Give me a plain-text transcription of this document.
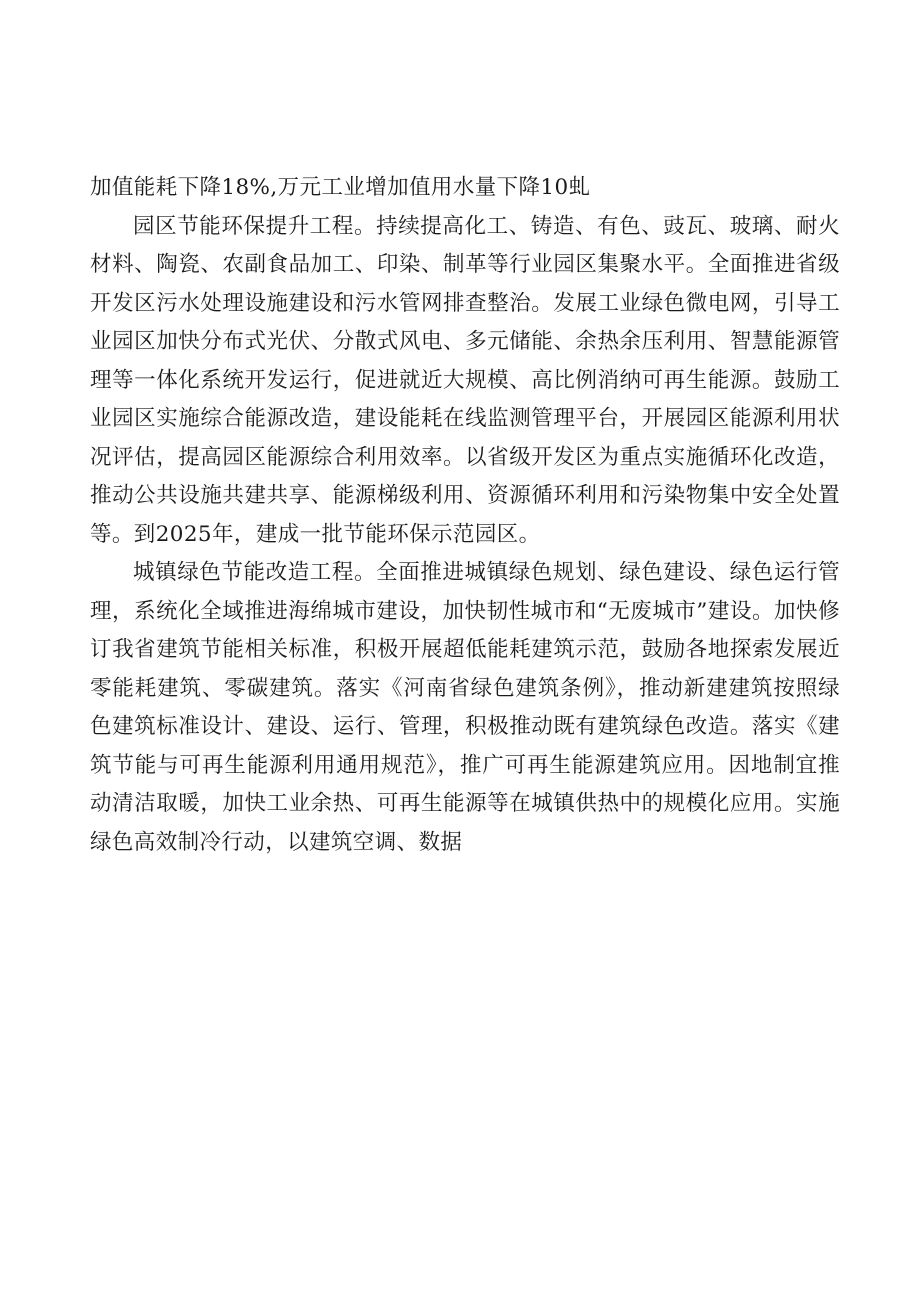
加值能耗下降18%,万元工业增加值用水量下降10虬

园区节能环保提升工程。持续提高化工、铸造、有色、豉瓦、玻璃、耐火材料、陶瓷、农副食品加工、印染、制革等行业园区集聚水平。全面推进省级开发区污水处理设施建设和污水管网排查整治。发展工业绿色微电网，引导工业园区加快分布式光伏、分散式风电、多元储能、余热余压利用、智慧能源管理等一体化系统开发运行，促进就近大规模、高比例消纳可再生能源。鼓励工业园区实施综合能源改造，建设能耗在线监测管理平台，开展园区能源利用状况评估，提高园区能源综合利用效率。以省级开发区为重点实施循环化改造，推动公共设施共建共享、能源梯级利用、资源循环利用和污染物集中安全处置等。到2025年，建成一批节能环保示范园区。

城镇绿色节能改造工程。全面推进城镇绿色规划、绿色建设、绿色运行管理，系统化全域推进海绵城市建设，加快韧性城市和“无废城市”建设。加快修订我省建筑节能相关标准，积极开展超低能耗建筑示范，鼓励各地探索发展近零能耗建筑、零碳建筑。落实《河南省绿色建筑条例》，推动新建建筑按照绿色建筑标准设计、建设、运行、管理，积极推动既有建筑绿色改造。落实《建筑节能与可再生能源利用通用规范》，推广可再生能源建筑应用。因地制宜推动清洁取暖，加快工业余热、可再生能源等在城镇供热中的规模化应用。实施绿色高效制冷行动，以建筑空调、数据
